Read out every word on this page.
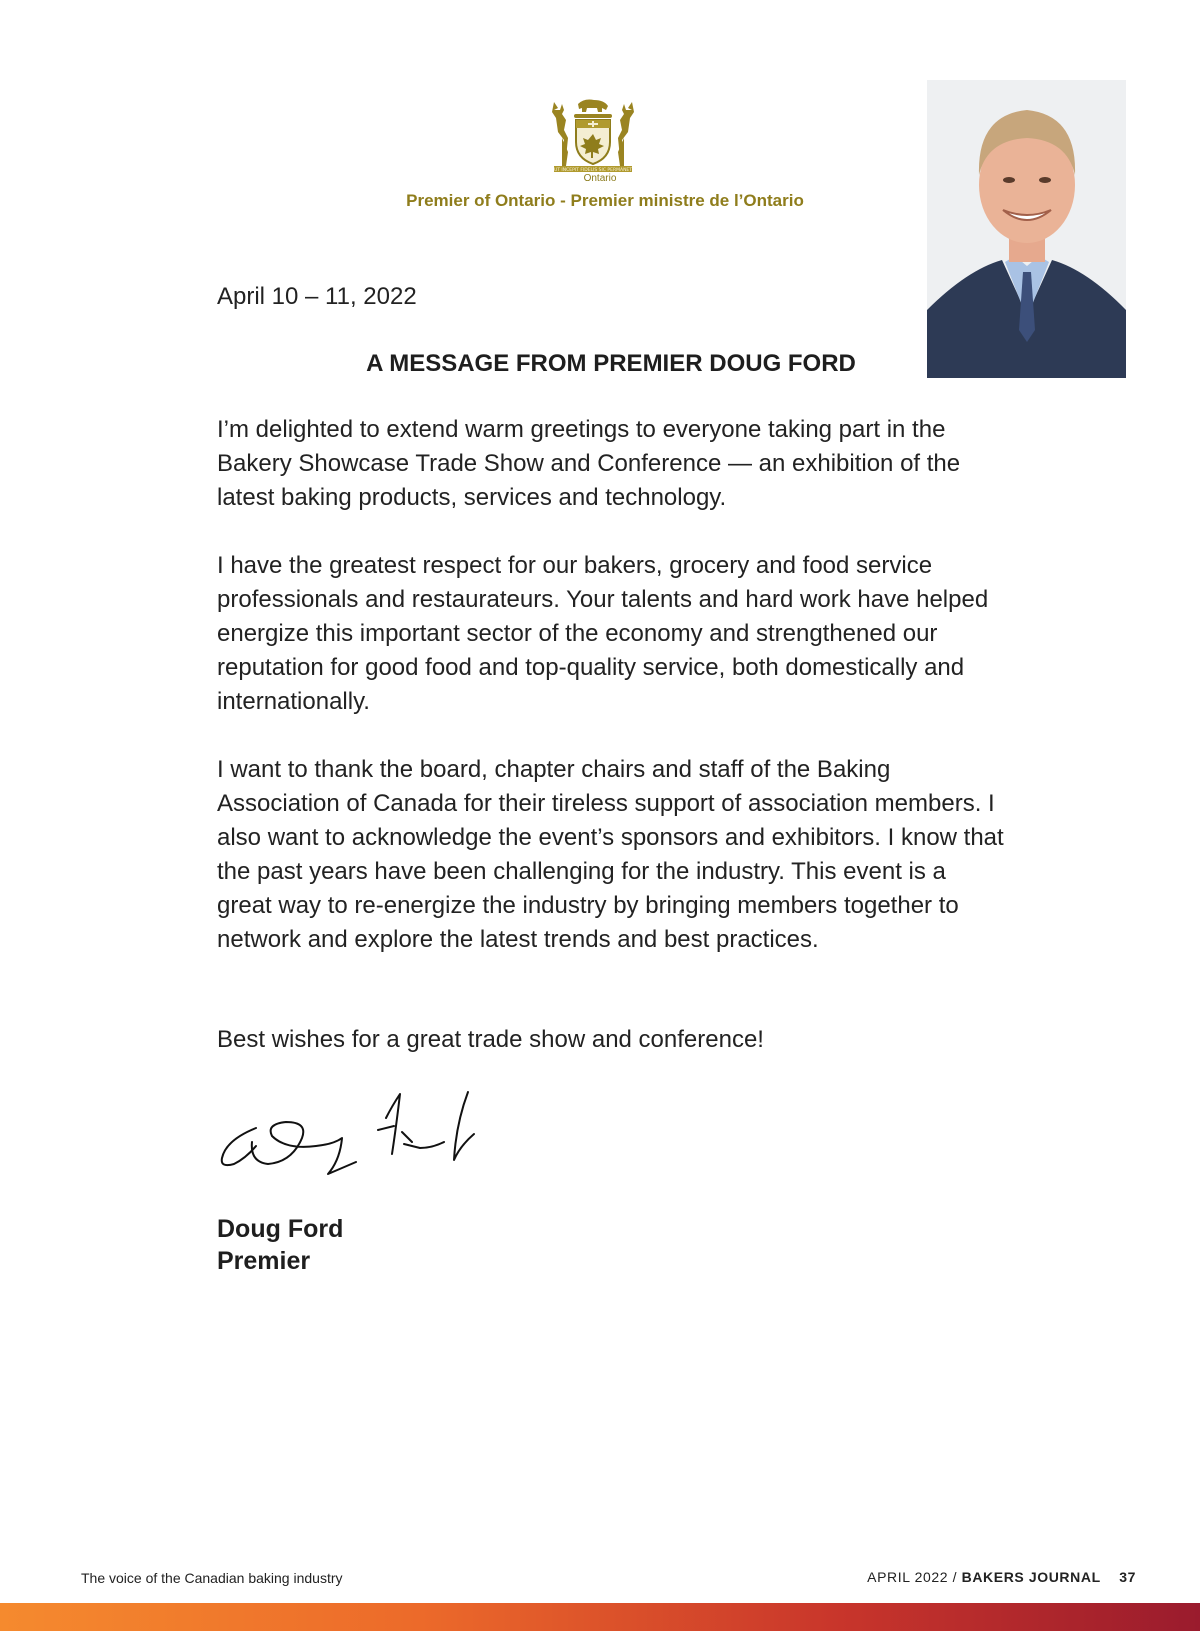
UT INCEPIT FIDELIS SIC PERMANET
Ontario
Premier of Ontario - Premier ministre de l’Ontario
April 10 – 11, 2022
A MESSAGE FROM PREMIER DOUG FORD
I’m delighted to extend warm greetings to everyone taking part in the Bakery Showcase Trade Show and Conference — an exhibition of the latest baking products, services and technology.
I have the greatest respect for our bakers, grocery and food service professionals and restaurateurs. Your talents and hard work have helped energize this important sector of the economy and strengthened our reputation for good food and top-quality service, both domestically and internationally.
I want to thank the board, chapter chairs and staff of the Baking Association of Canada for their tireless support of association members. I also want to acknowledge the event’s sponsors and exhibitors. I know that the past years have been challenging for the industry. This event is a great way to re-energize the industry by bringing members together to network and explore the latest trends and best practices.
Best wishes for a great trade show and conference!
Doug Ford
Premier
The voice of the Canadian baking industry	APRIL 2022 / BAKERS JOURNAL 37
